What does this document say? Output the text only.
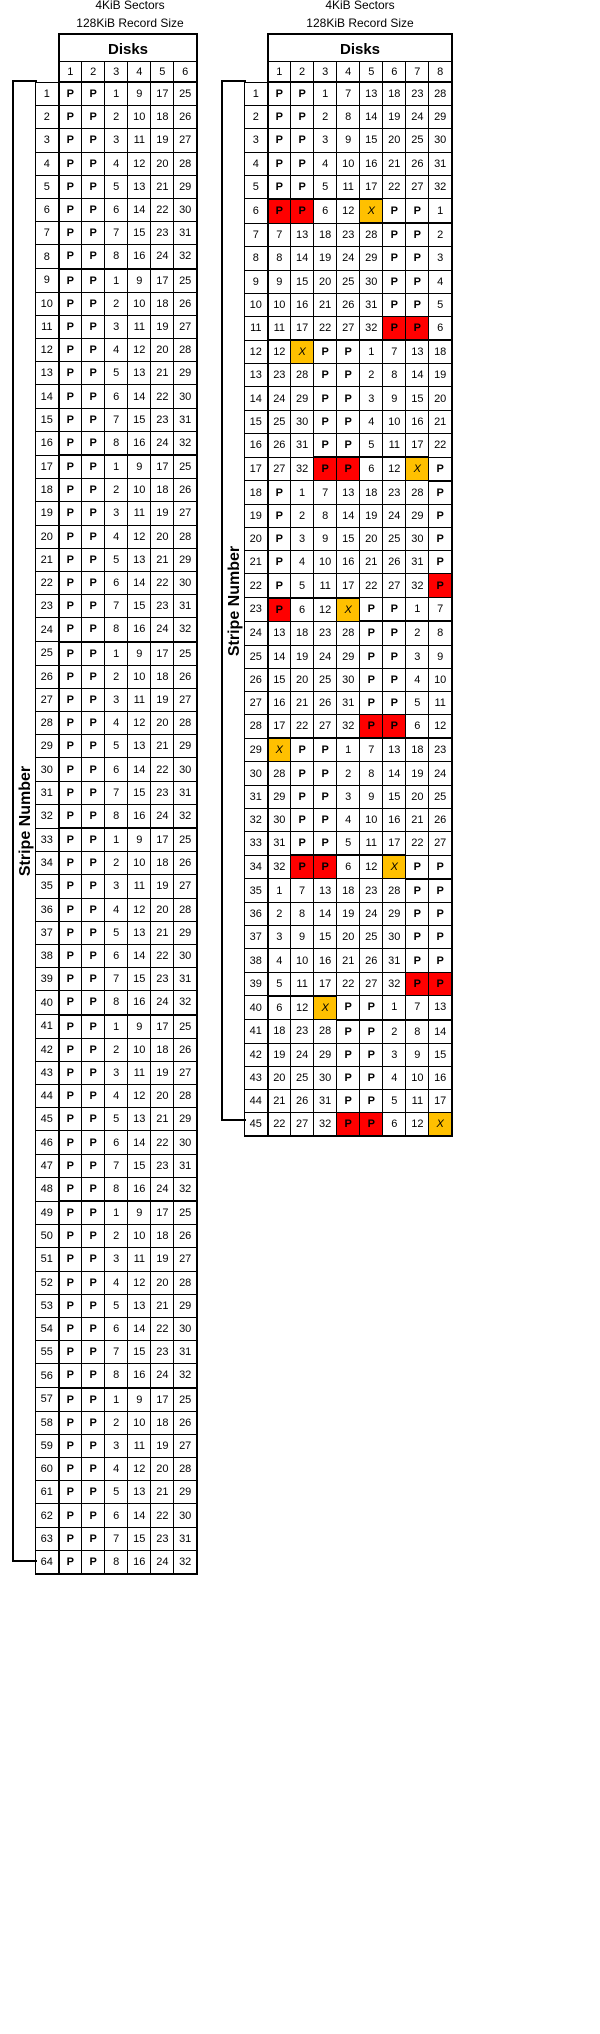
4KiB Sectors
128KiB Record Size
Disks
Stripe Number
	1	2	3	4	5	6
1	P	P	1	9	17	25
2	P	P	2	10	18	26
3	P	P	3	11	19	27
4	P	P	4	12	20	28
5	P	P	5	13	21	29
6	P	P	6	14	22	30
7	P	P	7	15	23	31
8	P	P	8	16	24	32
9	P	P	1	9	17	25
10	P	P	2	10	18	26
11	P	P	3	11	19	27
12	P	P	4	12	20	28
13	P	P	5	13	21	29
14	P	P	6	14	22	30
15	P	P	7	15	23	31
16	P	P	8	16	24	32
17	P	P	1	9	17	25
18	P	P	2	10	18	26
19	P	P	3	11	19	27
20	P	P	4	12	20	28
21	P	P	5	13	21	29
22	P	P	6	14	22	30
23	P	P	7	15	23	31
24	P	P	8	16	24	32
25	P	P	1	9	17	25
26	P	P	2	10	18	26
27	P	P	3	11	19	27
28	P	P	4	12	20	28
29	P	P	5	13	21	29
30	P	P	6	14	22	30
31	P	P	7	15	23	31
32	P	P	8	16	24	32
33	P	P	1	9	17	25
34	P	P	2	10	18	26
35	P	P	3	11	19	27
36	P	P	4	12	20	28
37	P	P	5	13	21	29
38	P	P	6	14	22	30
39	P	P	7	15	23	31
40	P	P	8	16	24	32
41	P	P	1	9	17	25
42	P	P	2	10	18	26
43	P	P	3	11	19	27
44	P	P	4	12	20	28
45	P	P	5	13	21	29
46	P	P	6	14	22	30
47	P	P	7	15	23	31
48	P	P	8	16	24	32
49	P	P	1	9	17	25
50	P	P	2	10	18	26
51	P	P	3	11	19	27
52	P	P	4	12	20	28
53	P	P	5	13	21	29
54	P	P	6	14	22	30
55	P	P	7	15	23	31
56	P	P	8	16	24	32
57	P	P	1	9	17	25
58	P	P	2	10	18	26
59	P	P	3	11	19	27
60	P	P	4	12	20	28
61	P	P	5	13	21	29
62	P	P	6	14	22	30
63	P	P	7	15	23	31
64	P	P	8	16	24	32
4KiB Sectors
128KiB Record Size
Disks
Stripe Number
	1	2	3	4	5	6	7	8
1	P	P	1	7	13	18	23	28
2	P	P	2	8	14	19	24	29
3	P	P	3	9	15	20	25	30
4	P	P	4	10	16	21	26	31
5	P	P	5	11	17	22	27	32
6	P	P	6	12	X	P	P	1
7	7	13	18	23	28	P	P	2
8	8	14	19	24	29	P	P	3
9	9	15	20	25	30	P	P	4
10	10	16	21	26	31	P	P	5
11	11	17	22	27	32	P	P	6
12	12	X	P	P	1	7	13	18
13	23	28	P	P	2	8	14	19
14	24	29	P	P	3	9	15	20
15	25	30	P	P	4	10	16	21
16	26	31	P	P	5	11	17	22
17	27	32	P	P	6	12	X	P
18	P	1	7	13	18	23	28	P
19	P	2	8	14	19	24	29	P
20	P	3	9	15	20	25	30	P
21	P	4	10	16	21	26	31	P
22	P	5	11	17	22	27	32	P
23	P	6	12	X	P	P	1	7
24	13	18	23	28	P	P	2	8
25	14	19	24	29	P	P	3	9
26	15	20	25	30	P	P	4	10
27	16	21	26	31	P	P	5	11
28	17	22	27	32	P	P	6	12
29	X	P	P	1	7	13	18	23
30	28	P	P	2	8	14	19	24
31	29	P	P	3	9	15	20	25
32	30	P	P	4	10	16	21	26
33	31	P	P	5	11	17	22	27
34	32	P	P	6	12	X	P	P
35	1	7	13	18	23	28	P	P
36	2	8	14	19	24	29	P	P
37	3	9	15	20	25	30	P	P
38	4	10	16	21	26	31	P	P
39	5	11	17	22	27	32	P	P
40	6	12	X	P	P	1	7	13
41	18	23	28	P	P	2	8	14
42	19	24	29	P	P	3	9	15
43	20	25	30	P	P	4	10	16
44	21	26	31	P	P	5	11	17
45	22	27	32	P	P	6	12	X
